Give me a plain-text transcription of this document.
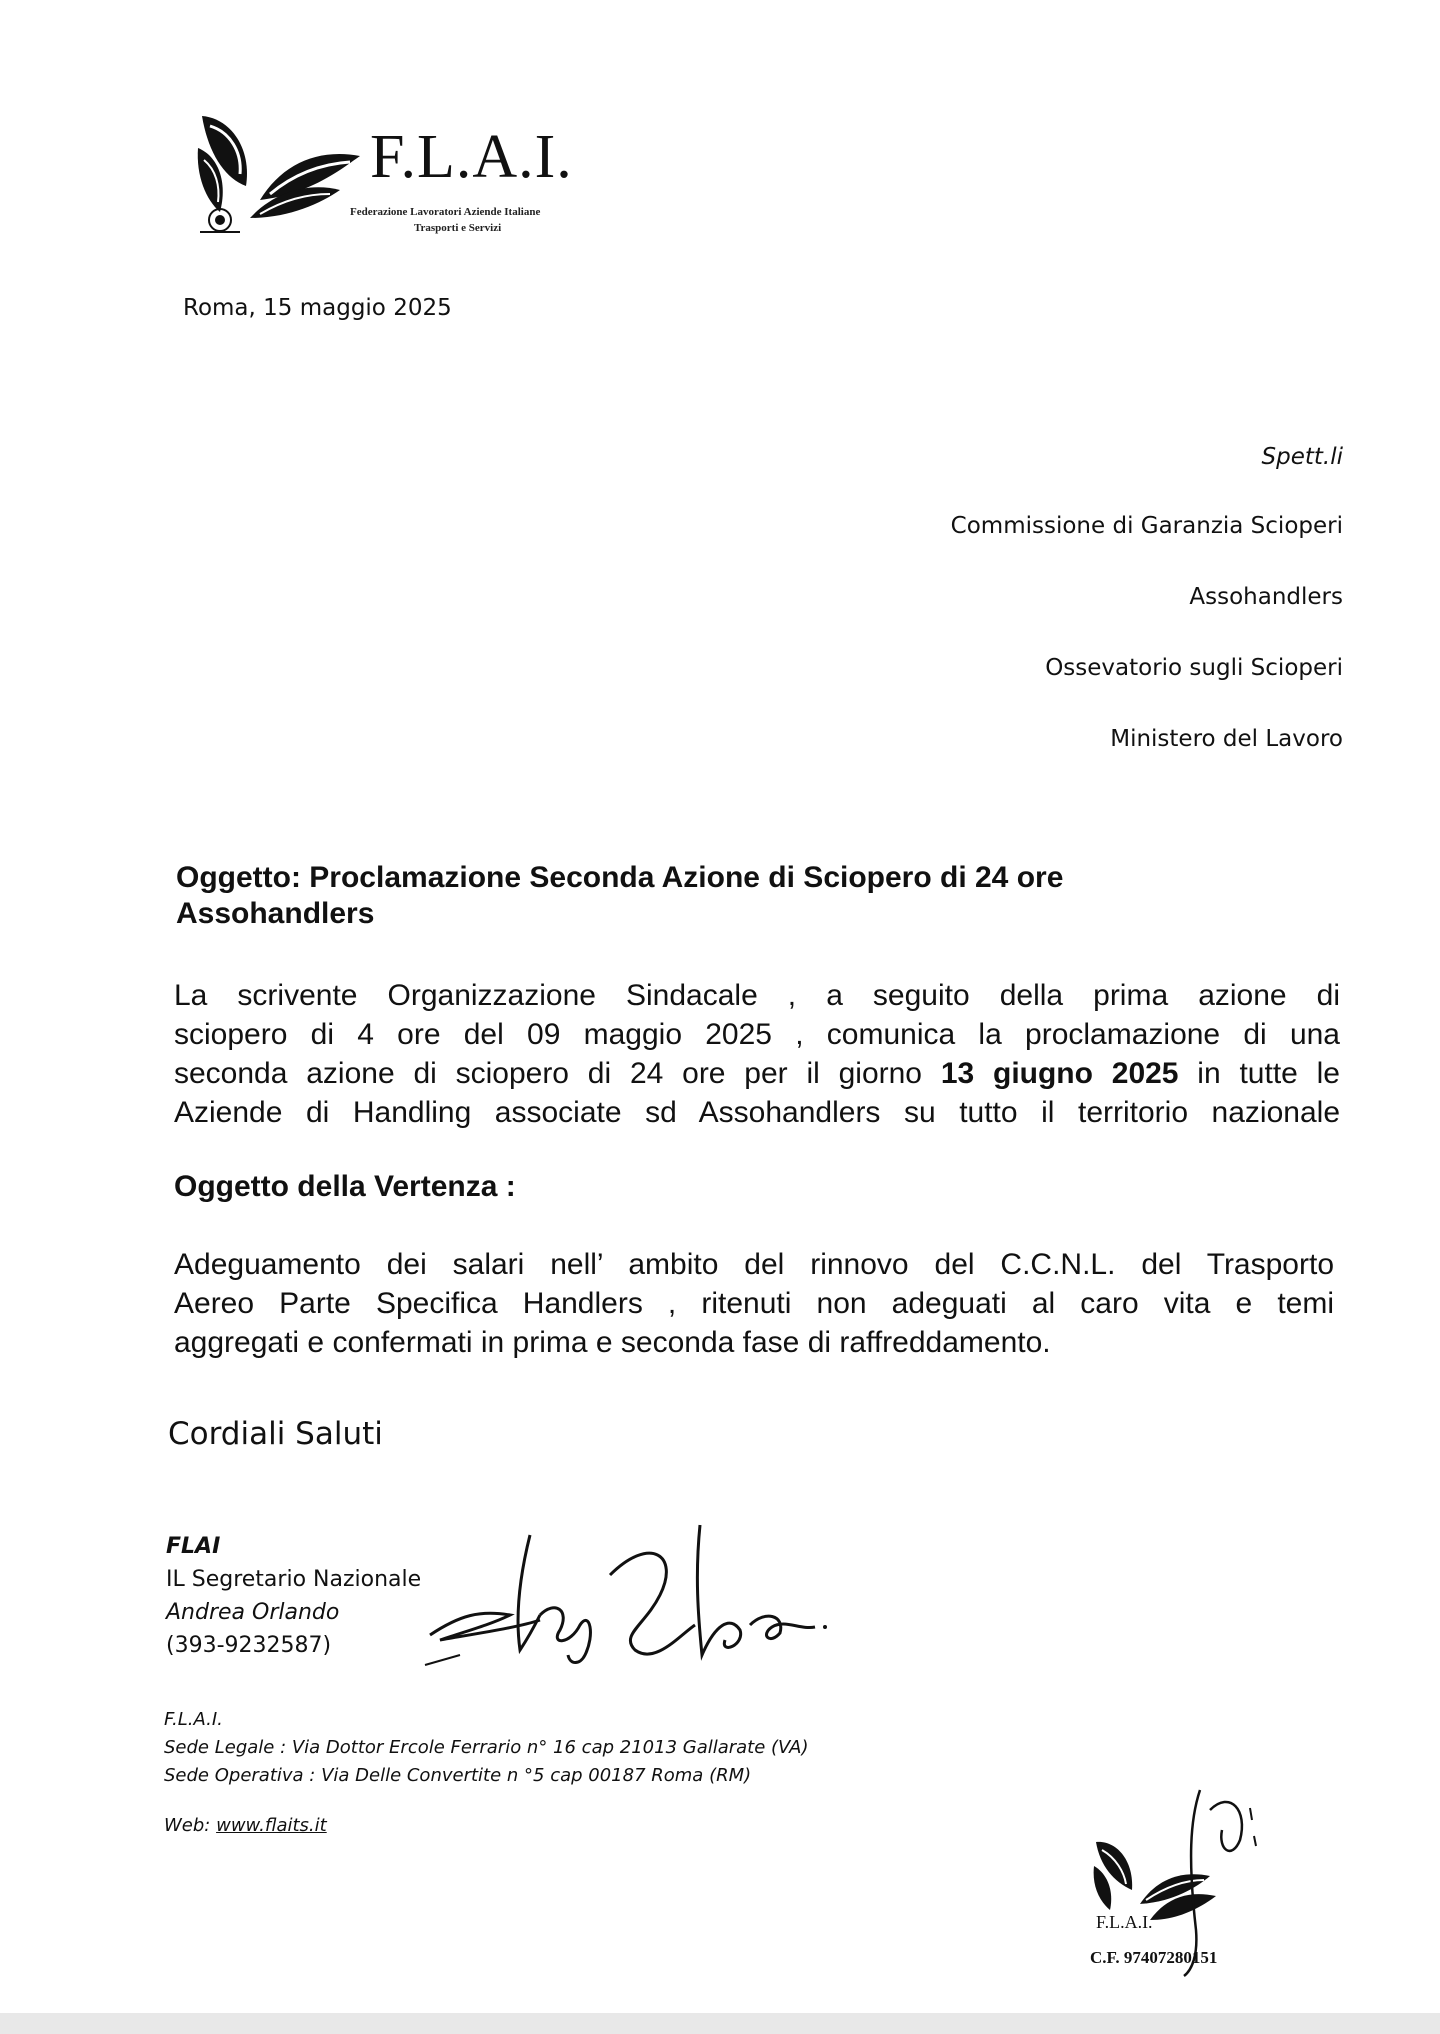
F.L.A.I.
Federazione Lavoratori Aziende Italiane
Trasporti e Servizi
Roma, 15 maggio 2025
Spett.li
Commissione di Garanzia Scioperi
Assohandlers
Ossevatorio sugli Scioperi
Ministero del Lavoro
Oggetto: Proclamazione Seconda Azione di Sciopero di 24 ore
Assohandlers
La scrivente Organizzazione Sindacale , a seguito della prima azione di
sciopero di 4 ore del 09 maggio 2025 , comunica la proclamazione di una
seconda azione di sciopero di 24 ore per il giorno 13 giugno 2025 in tutte le
Aziende di Handling associate sd Assohandlers su tutto il territorio nazionale
Oggetto della Vertenza :
Adeguamento dei salari nell’ ambito del rinnovo del C.C.N.L. del Trasporto
Aereo Parte Specifica Handlers , ritenuti non adeguati al caro vita e temi
aggregati e confermati in prima e seconda fase di raffreddamento.
Cordiali Saluti
FLAI
IL Segretario Nazionale
Andrea Orlando
(393-9232587)
F.L.A.I.
Sede Legale : Via Dottor Ercole Ferrario n° 16 cap 21013 Gallarate (VA)
Sede Operativa : Via Delle Convertite n °5 cap 00187 Roma (RM)
Web: www.flaits.it
F.L.A.I.
C.F. 97407280151
